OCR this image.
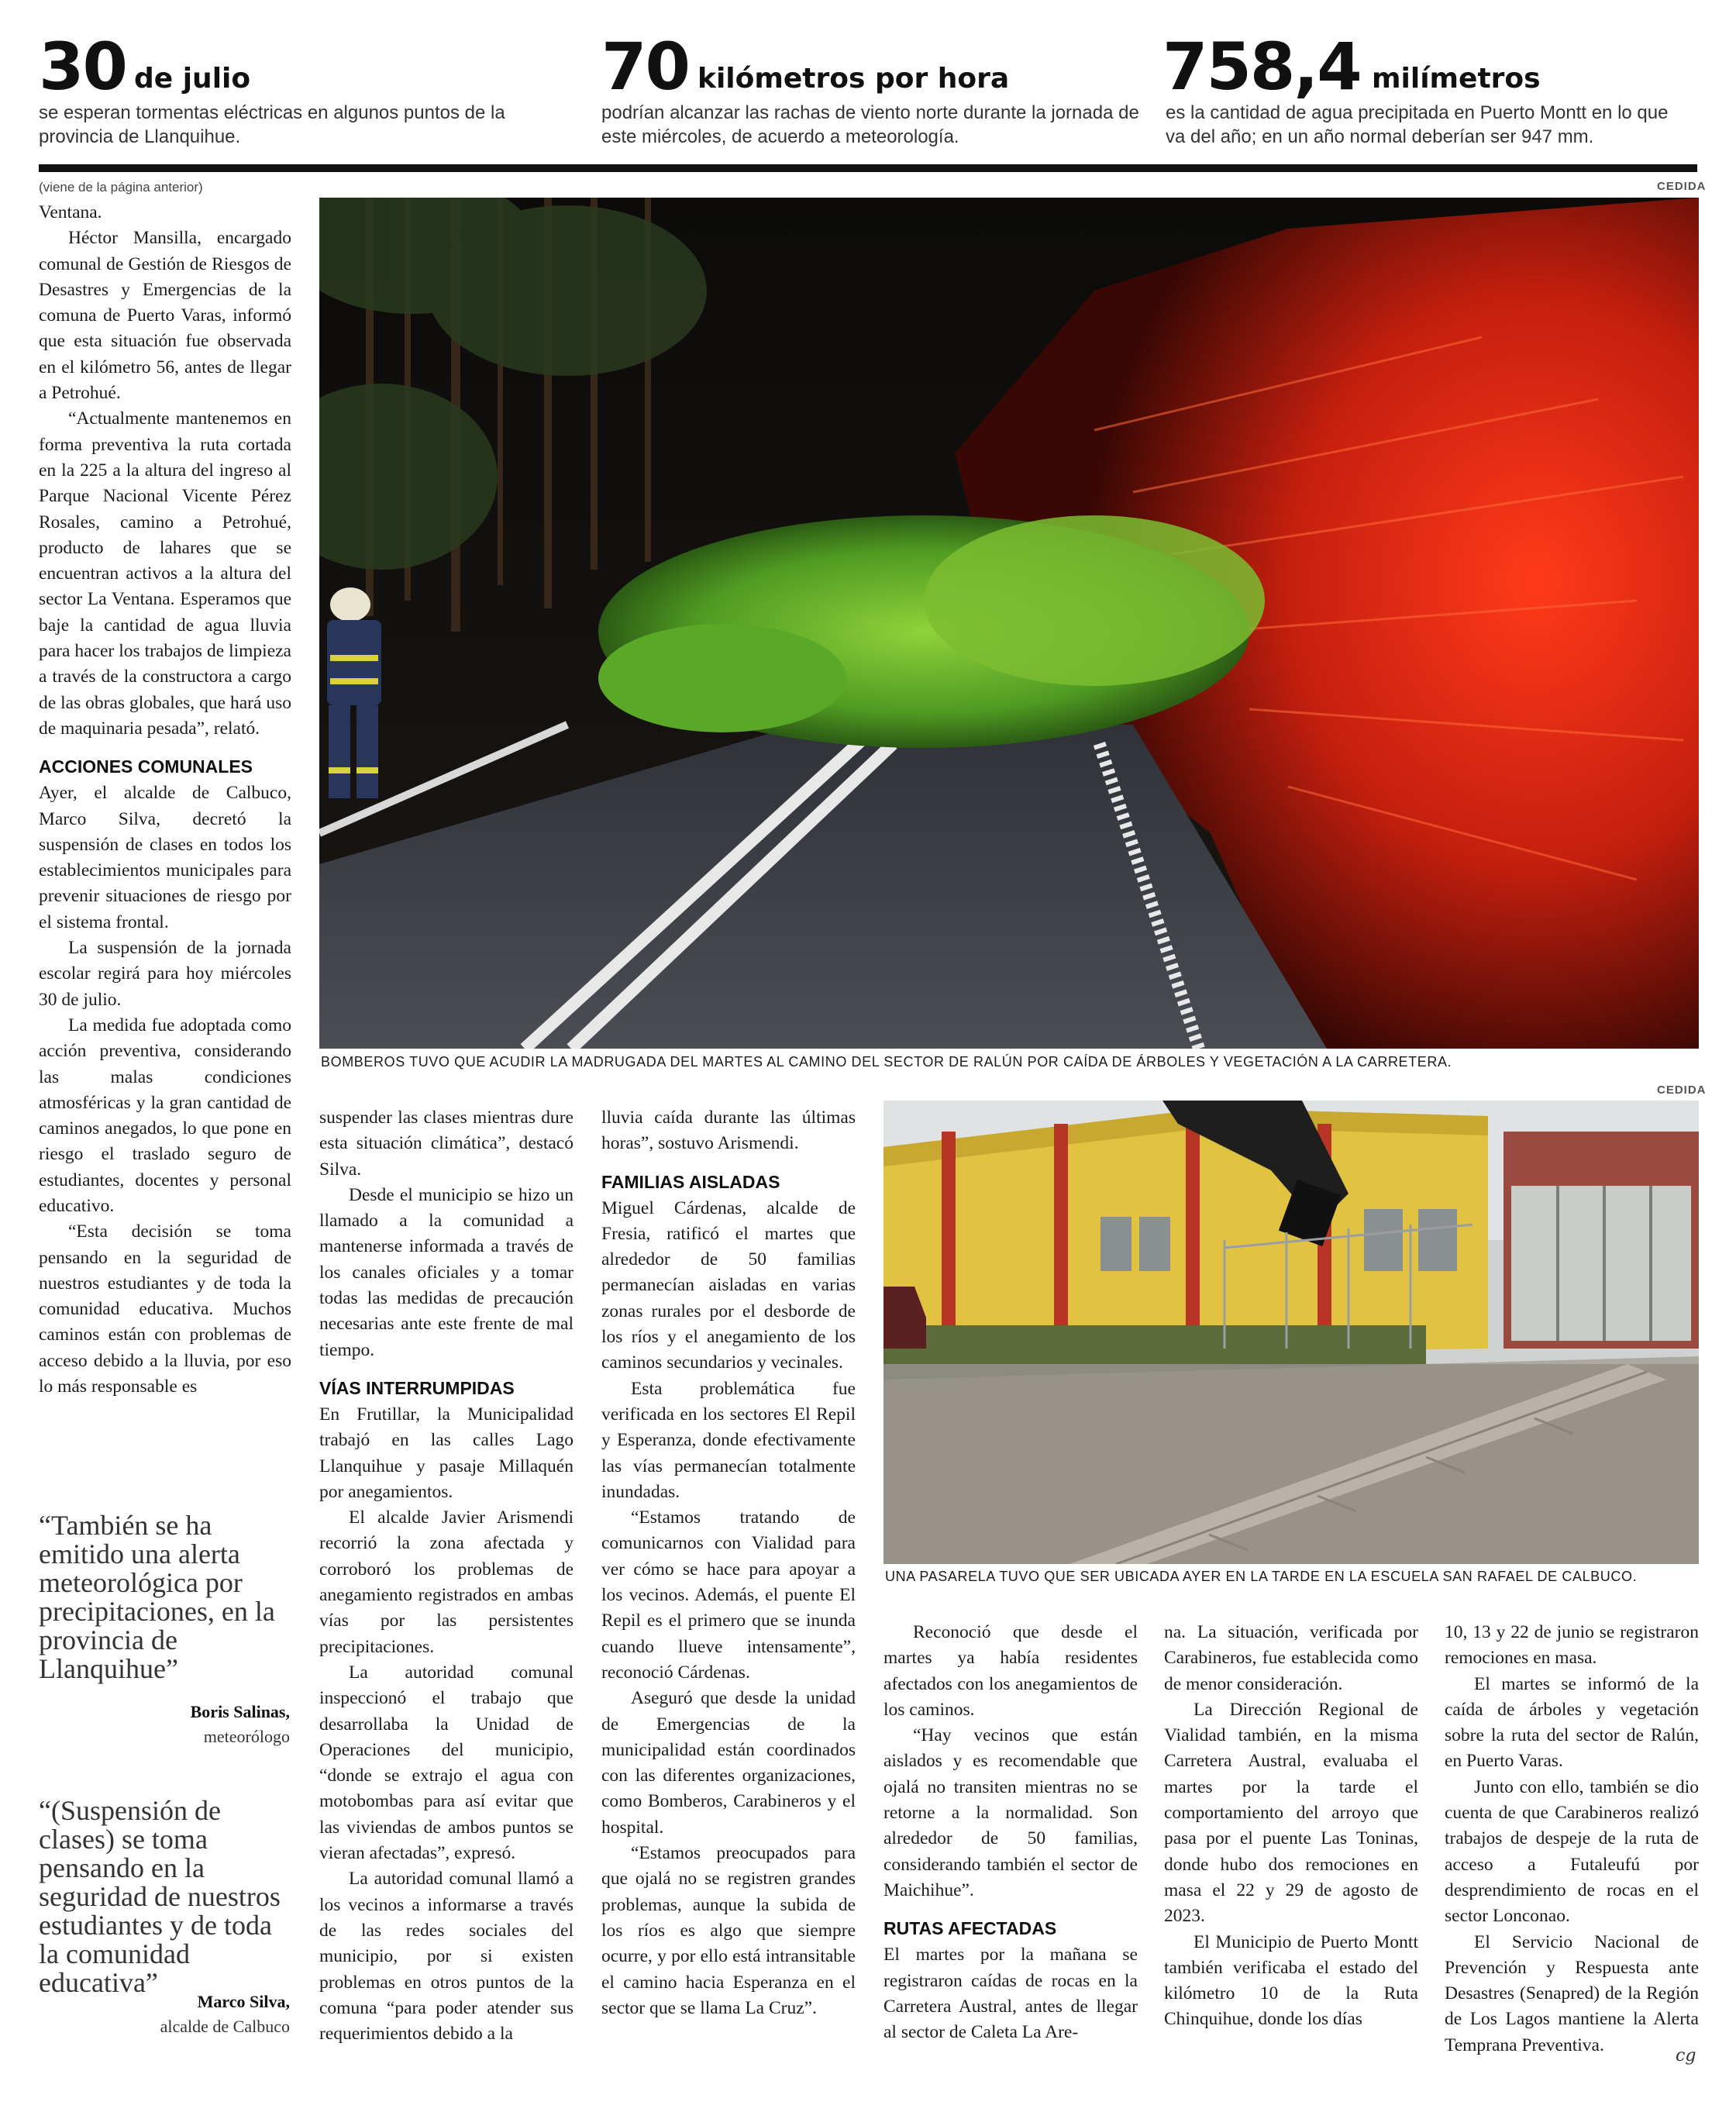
30 de julio
se esperan tormentas eléctricas en algunos puntos de la provincia de Llanquihue.
70 kilómetros por hora
podrían alcanzar las rachas de viento norte durante la jornada de este miércoles, de acuerdo a meteorología.
758,4 milímetros
es la cantidad de agua precipitada en Puerto Montt en lo que va del año; en un año normal deberían ser 947 mm.
(viene de la página anterior)	CEDIDA
BOMBEROS TUVO QUE ACUDIR LA MADRUGADA DEL MARTES AL CAMINO DEL SECTOR DE RALÚN POR CAÍDA DE ÁRBOLES Y VEGETACIÓN A LA CARRETERA.
CEDIDA
UNA PASARELA TUVO QUE SER UBICADA AYER EN LA TARDE EN LA ESCUELA SAN RAFAEL DE CALBUCO.

Ventana.

Héctor Mansilla, encargado comunal de Gestión de Riesgos de Desastres y Emergencias de la comuna de Puerto Varas, informó que esta situación fue observada en el kilómetro 56, antes de llegar a Petrohué.

“Actualmente mantenemos en forma preventiva la ruta cortada en la 225 a la altura del ingreso al Parque Nacional Vicente Pérez Rosales, camino a Petrohué, producto de lahares que se encuentran activos a la altura del sector La Ventana. Esperamos que baje la cantidad de agua lluvia para hacer los trabajos de limpieza a través de la constructora a cargo de las obras globales, que hará uso de maquinaria pesada”, relató.

ACCIONES COMUNALES

Ayer, el alcalde de Calbuco, Marco Silva, decretó la suspensión de clases en todos los establecimientos municipales para prevenir situaciones de riesgo por el sistema frontal.

La suspensión de la jornada escolar regirá para hoy miércoles 30 de julio.

La medida fue adoptada como acción preventiva, considerando las malas condiciones atmosféricas y la gran cantidad de caminos anegados, lo que pone en riesgo el traslado seguro de estudiantes, docentes y personal educativo.

“Esta decisión se toma pensando en la seguridad de nuestros estudiantes y de toda la comunidad educativa. Muchos caminos están con problemas de acceso debido a la lluvia, por eso lo más responsable es

“También se ha emitido una alerta meteorológica por precipitaciones, en la provincia de Llanquihue”
Boris Salinas,
meteorólogo
“(Suspensión de clases) se toma pensando en la seguridad de nuestros estudiantes y de toda la comunidad educativa”
Marco Silva,
alcalde de Calbuco

suspender las clases mientras dure esta situación climática”, destacó Silva.

Desde el municipio se hizo un llamado a la comunidad a mantenerse informada a través de los canales oficiales y a tomar todas las medidas de precaución necesarias ante este frente de mal tiempo.

VÍAS INTERRUMPIDAS

En Frutillar, la Municipalidad trabajó en las calles Lago Llanquihue y pasaje Millaquén por anegamientos.

El alcalde Javier Arismendi recorrió la zona afectada y corroboró los problemas de anegamiento registrados en ambas vías por las persistentes precipitaciones.

La autoridad comunal inspeccionó el trabajo que desarrollaba la Unidad de Operaciones del municipio, “donde se extrajo el agua con motobombas para así evitar que las viviendas de ambos puntos se vieran afectadas”, expresó.

La autoridad comunal llamó a los vecinos a informarse a través de las redes sociales del municipio, por si existen problemas en otros puntos de la comuna “para poder atender sus requerimientos debido a la

lluvia caída durante las últimas horas”, sostuvo Arismendi.

FAMILIAS AISLADAS

Miguel Cárdenas, alcalde de Fresia, ratificó el martes que alrededor de 50 familias permanecían aisladas en varias zonas rurales por el desborde de los ríos y el anegamiento de los caminos secundarios y vecinales.

Esta problemática fue verificada en los sectores El Repil y Esperanza, donde efectivamente las vías permanecían totalmente inundadas.

“Estamos tratando de comunicarnos con Vialidad para ver cómo se hace para apoyar a los vecinos. Además, el puente El Repil es el primero que se inunda cuando llueve intensamente”, reconoció Cárdenas.

Aseguró que desde la unidad de Emergencias de la municipalidad están coordinados con las diferentes organizaciones, como Bomberos, Carabineros y el hospital.

“Estamos preocupados para que ojalá no se registren grandes problemas, aunque la subida de los ríos es algo que siempre ocurre, y por ello está intransitable el camino hacia Esperanza en el sector que se llama La Cruz”.

Reconoció que desde el martes ya había residentes afectados con los anegamientos de los caminos.

“Hay vecinos que están aislados y es recomendable que ojalá no transiten mientras no se retorne a la normalidad. Son alrededor de 50 familias, considerando también el sector de Maichihue”.

RUTAS AFECTADAS

El martes por la mañana se registraron caídas de rocas en la Carretera Austral, antes de llegar al sector de Caleta La Are-

na. La situación, verificada por Carabineros, fue establecida como de menor consideración.

La Dirección Regional de Vialidad también, en la misma Carretera Austral, evaluaba el martes por la tarde el comportamiento del arroyo que pasa por el puente Las Toninas, donde hubo dos remociones en masa el 22 y 29 de agosto de 2023.

El Municipio de Puerto Montt también verificaba el estado del kilómetro 10 de la Ruta Chinquihue, donde los días

10, 13 y 22 de junio se registraron remociones en masa.

El martes se informó de la caída de árboles y vegetación sobre la ruta del sector de Ralún, en Puerto Varas.

Junto con ello, también se dio cuenta de que Carabineros realizó trabajos de despeje de la ruta de acceso a Futaleufú por desprendimiento de rocas en el sector Lonconao.

El Servicio Nacional de Prevención y Respuesta ante Desastres (Senapred) de la Región de Los Lagos mantiene la Alerta Temprana Preventiva.

cg
